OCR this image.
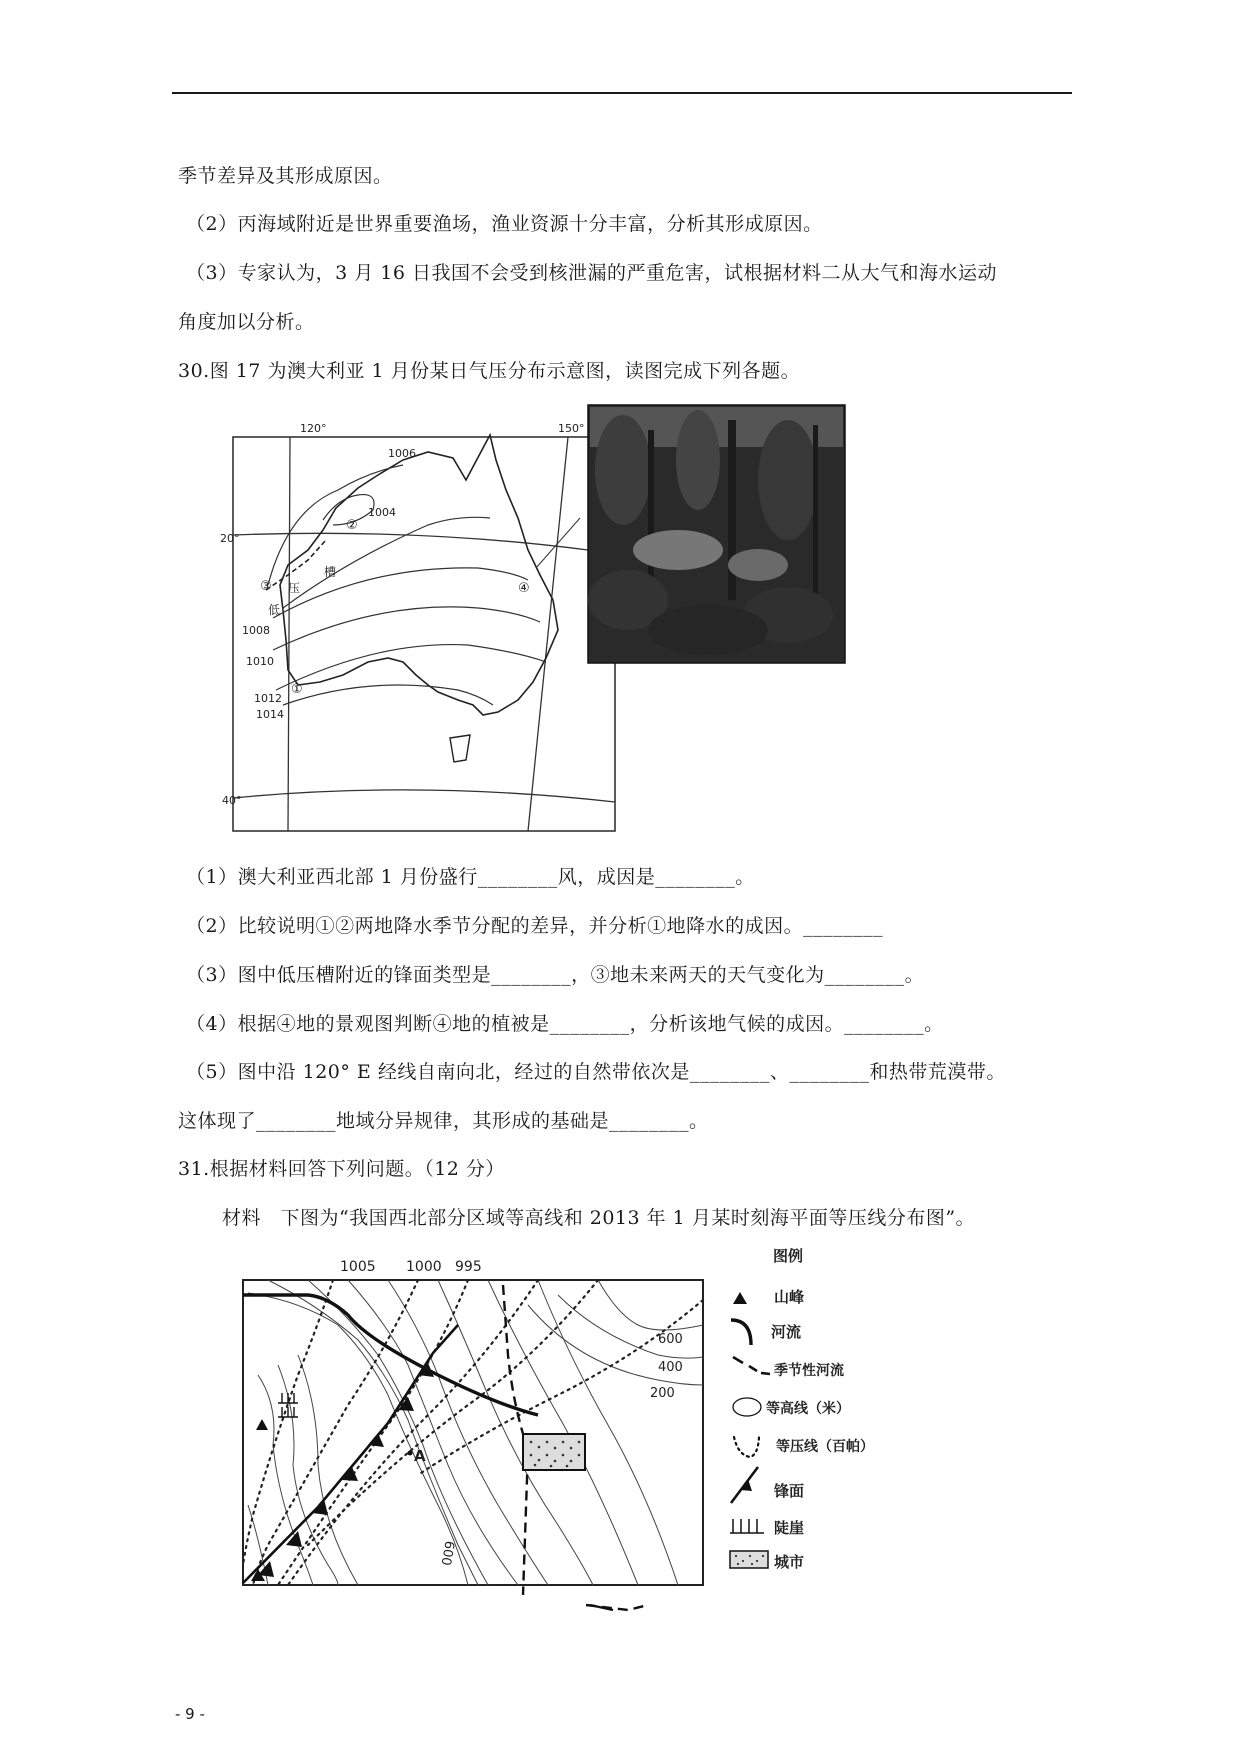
季节差异及其形成原因。
（2）丙海域附近是世界重要渔场，渔业资源十分丰富，分析其形成原因。
（3）专家认为，3 月 16 日我国不会受到核泄漏的严重危害，试根据材料二从大气和海水运动
角度加以分析。
30.图 17 为澳大利亚 1 月份某日气压分布示意图，读图完成下列各题。
120°	150°
20°
40°
1006
1004
1008
1010
1012
1014
①
②
③	④
槽
压
低
（1）澳大利亚西北部 1 月份盛行________风，成因是________。
（2）比较说明①②两地降水季节分配的差异，并分析①地降水的成因。________
（3）图中低压槽附近的锋面类型是________，③地未来两天的天气变化为________。
（4）根据④地的景观图判断④地的植被是________，分析该地气候的成因。________。
（5）图中沿 120° E 经线自南向北，经过的自然带依次是________、________和热带荒漠带。
这体现了________地域分异规律，其形成的基础是________。
31.根据材料回答下列问题。（12 分）
材料　下图为“我国西北部分区域等高线和 2013 年 1 月某时刻海平面等压线分布图”。
1005 1000 995
A
600
400
200
600
图例
山峰
河流
季节性河流
等高线（米）
等压线（百帕）
锋面
陡崖
城市
- 9 -
